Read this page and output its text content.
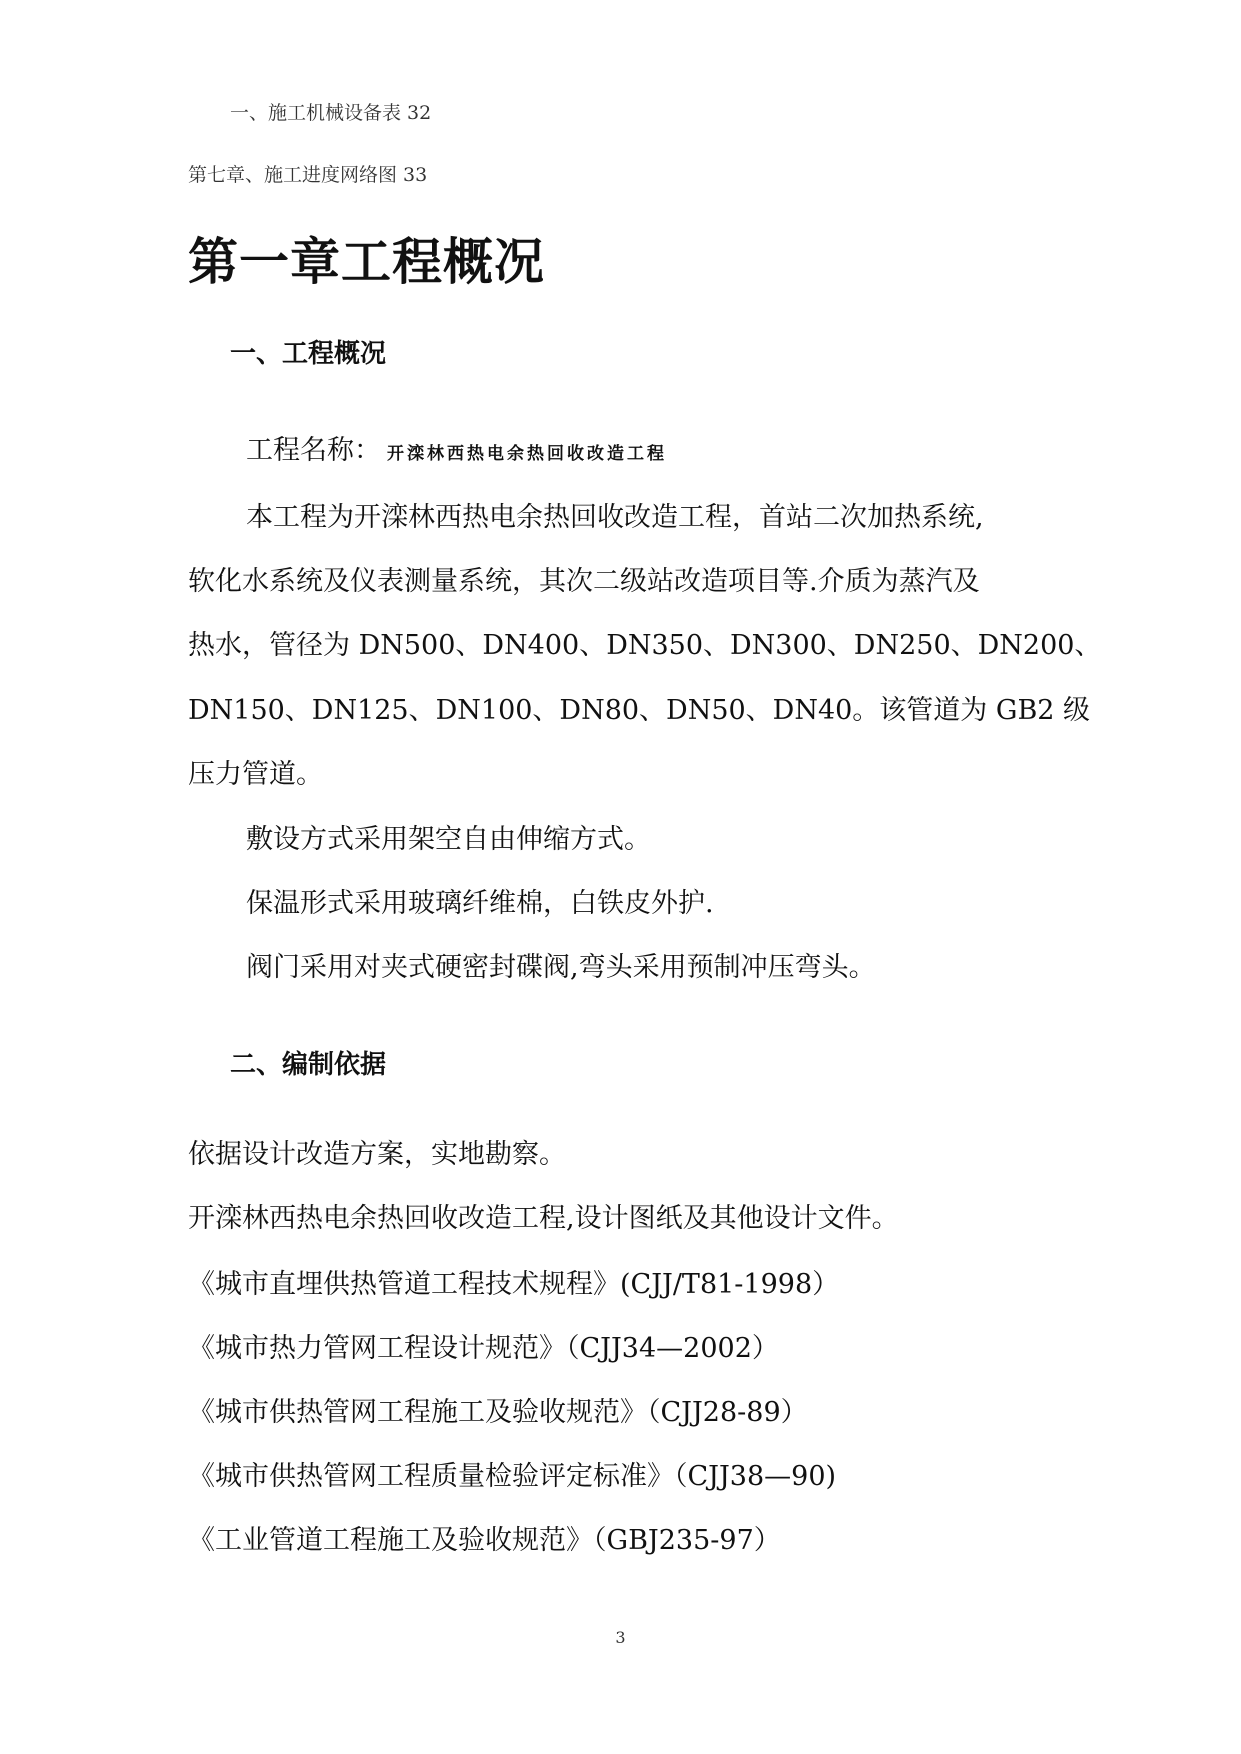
一、施工机械设备表 32
第七章、施工进度网络图 33
第一章工程概况
一、工程概况
工程名称： 开滦林西热电余热回收改造工程
本工程为开滦林西热电余热回收改造工程，首站二次加热系统,
软化水系统及仪表测量系统，其次二级站改造项目等.介质为蒸汽及
热水，管径为 DN500、DN400、DN350、DN300、DN250、DN200、
DN150、DN125、DN100、DN80、DN50、DN40。该管道为 GB2 级
压力管道。
敷设方式采用架空自由伸缩方式。
保温形式采用玻璃纤维棉，白铁皮外护.
阀门采用对夹式硬密封碟阀,弯头采用预制冲压弯头。
二、编制依据
依据设计改造方案，实地勘察。
开滦林西热电余热回收改造工程,设计图纸及其他设计文件。
《城市直埋供热管道工程技术规程》(CJJ/T81-1998）
《城市热力管网工程设计规范》（CJJ34—2002）
《城市供热管网工程施工及验收规范》（CJJ28-89）
《城市供热管网工程质量检验评定标准》（CJJ38—90)
《工业管道工程施工及验收规范》（GBJ235-97）
3
